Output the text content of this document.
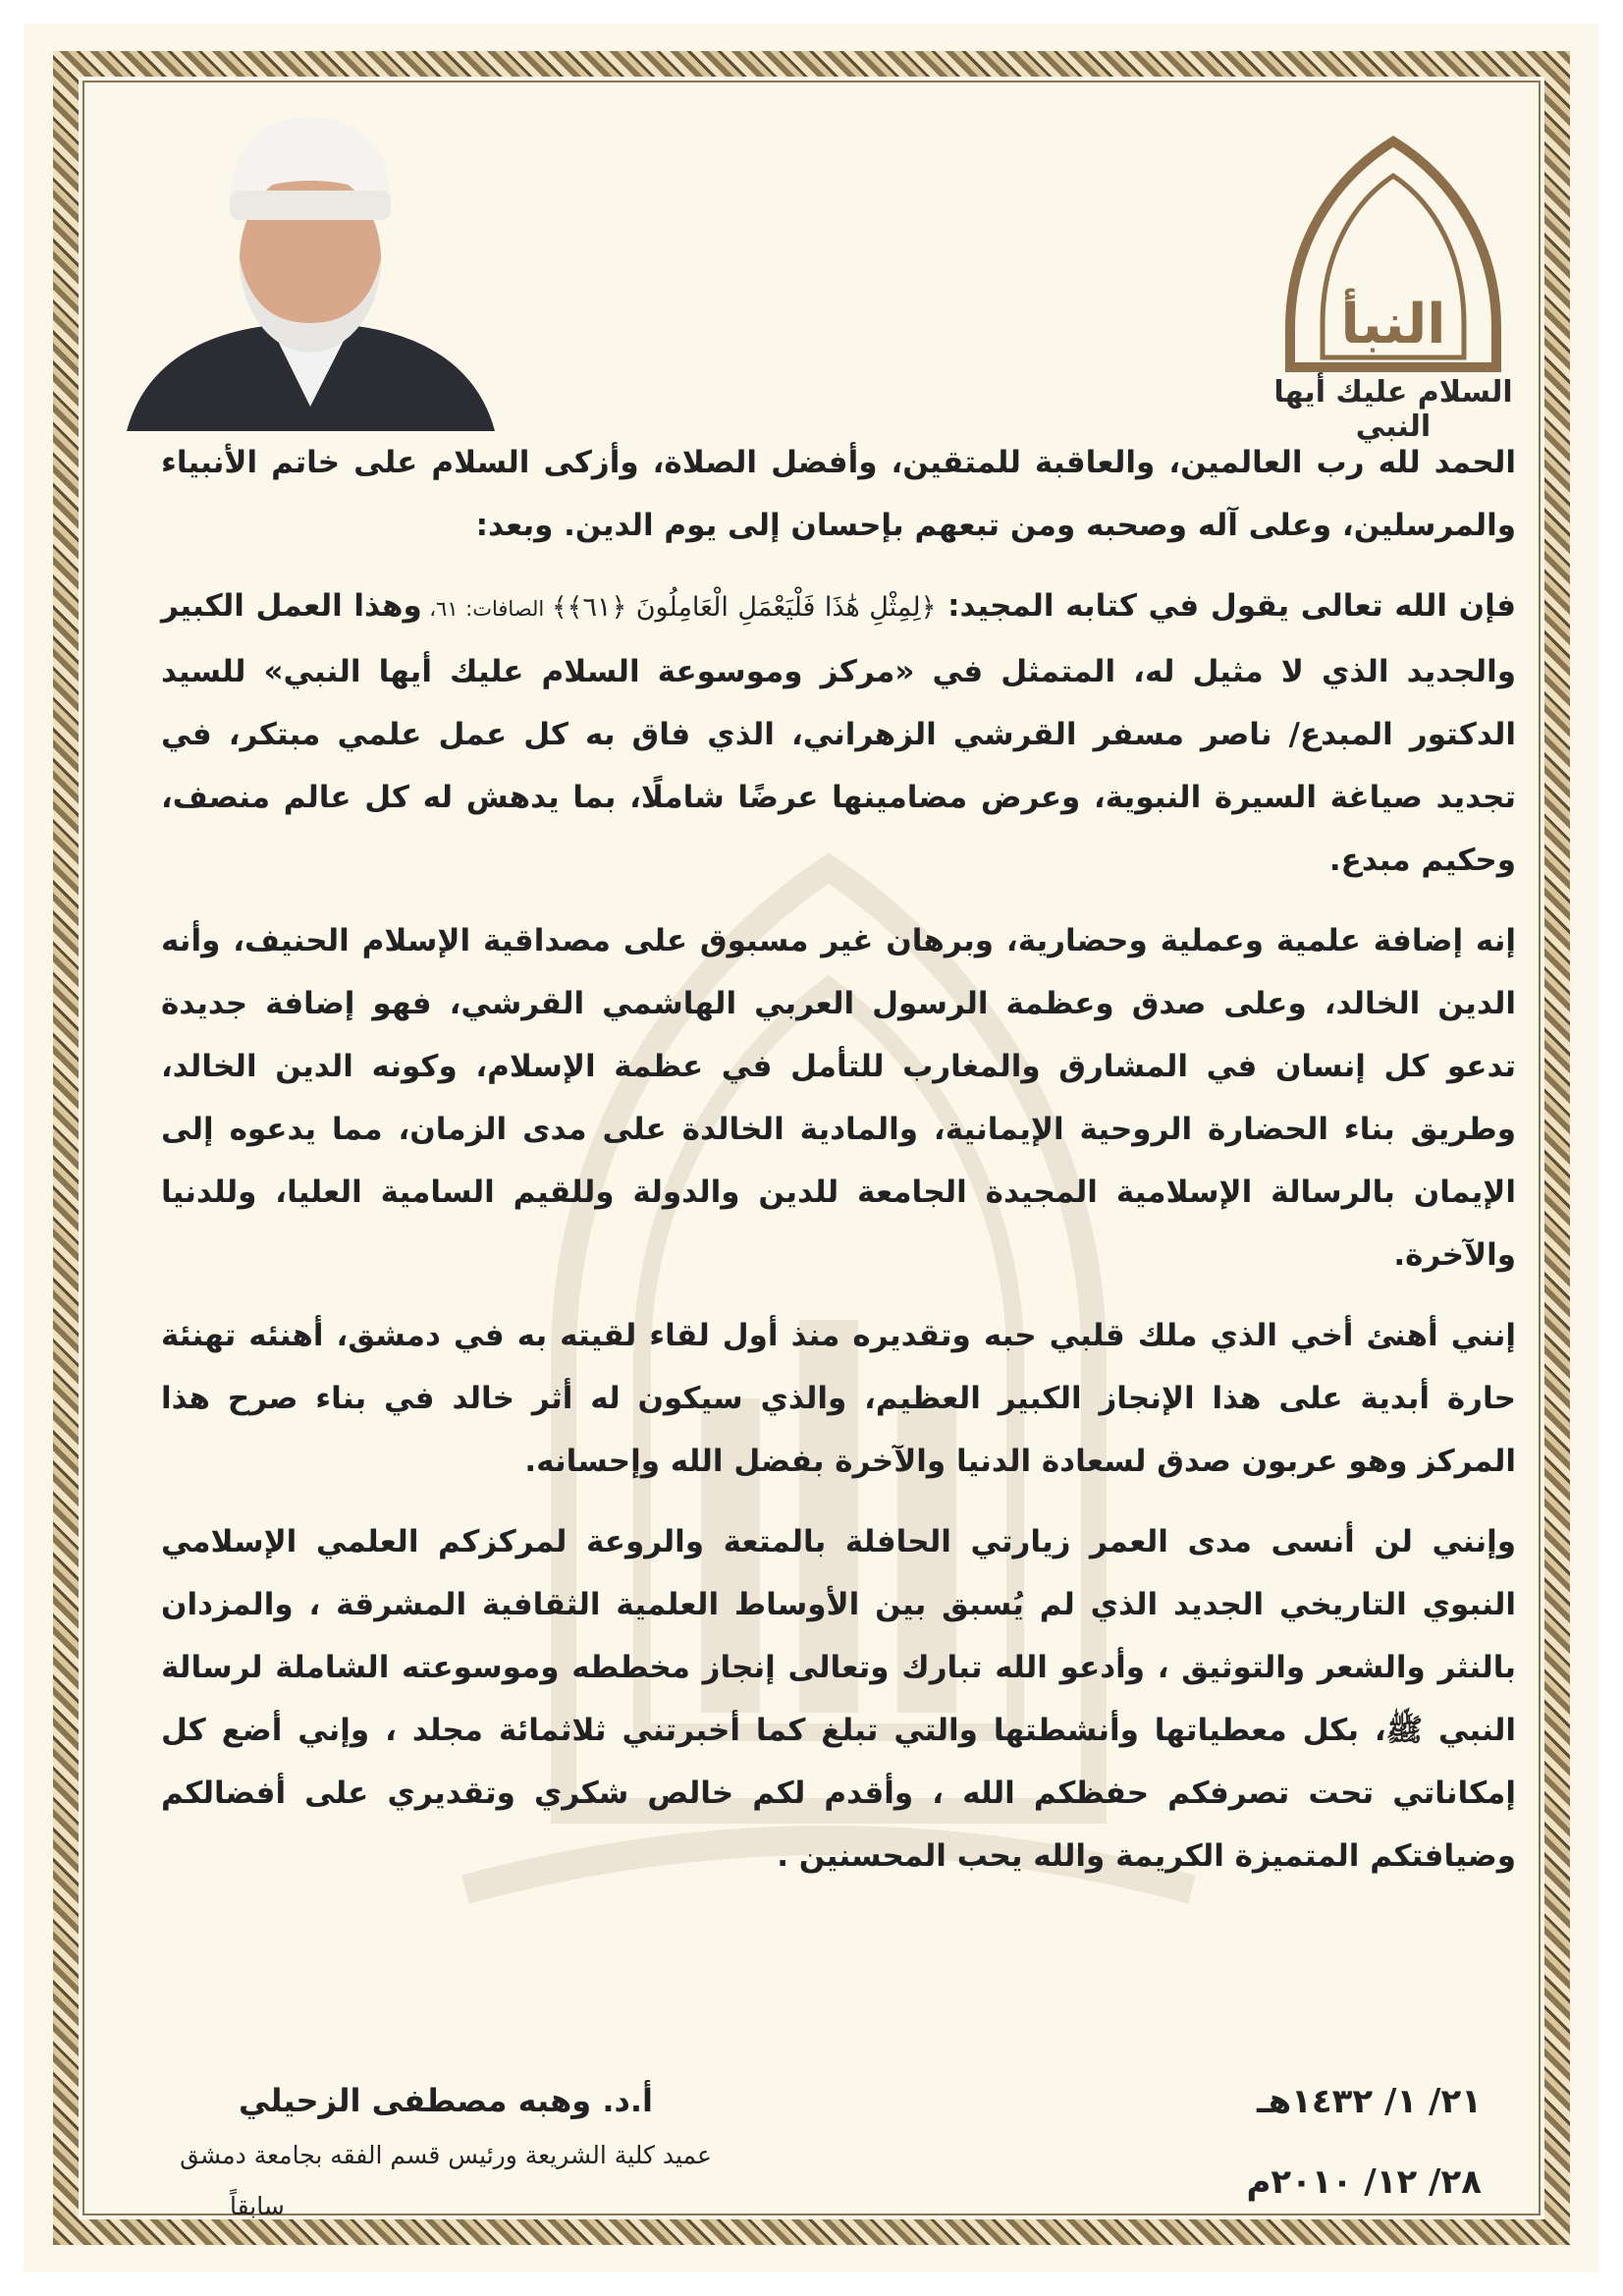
النبأ
السلام عليك أيها النبي

الحمد لله رب العالمين، والعاقبة للمتقين، وأفضل الصلاة، وأزكى السلام على خاتم الأنبياء والمرسلين، وعلى آله وصحبه ومن تبعهم بإحسان إلى يوم الدين. وبعد:

فإن الله تعالى يقول في كتابه المجيد: ﴿لِمِثْلِ هَٰذَا فَلْيَعْمَلِ الْعَامِلُونَ ﴿٦١﴾﴾ الصافات: ٦١، وهذا العمل الكبير والجديد الذي لا مثيل له، المتمثل في «مركز وموسوعة السلام عليك أيها النبي» للسيد الدكتور المبدع/ ناصر مسفر القرشي الزهراني، الذي فاق به كل عمل علمي مبتكر، في تجديد صياغة السيرة النبوية، وعرض مضامينها عرضًا شاملًا، بما يدهش له كل عالم منصف، وحكيم مبدع.

إنه إضافة علمية وعملية وحضارية، وبرهان غير مسبوق على مصداقية الإسلام الحنيف، وأنه الدين الخالد، وعلى صدق وعظمة الرسول العربي الهاشمي القرشي، فهو إضافة جديدة تدعو كل إنسان في المشارق والمغارب للتأمل في عظمة الإسلام، وكونه الدين الخالد، وطريق بناء الحضارة الروحية الإيمانية، والمادية الخالدة على مدى الزمان، مما يدعوه إلى الإيمان بالرسالة الإسلامية المجيدة الجامعة للدين والدولة وللقيم السامية العليا، وللدنيا والآخرة.

إنني أهنئ أخي الذي ملك قلبي حبه وتقديره منذ أول لقاء لقيته به في دمشق، أهنئه تهنئة حارة أبدية على هذا الإنجاز الكبير العظيم، والذي سيكون له أثر خالد في بناء صرح هذا المركز وهو عربون صدق لسعادة الدنيا والآخرة بفضل الله وإحسانه.

وإنني لن أنسى مدى العمر زيارتي الحافلة بالمتعة والروعة لمركزكم العلمي الإسلامي النبوي التاريخي الجديد الذي لم يُسبق بين الأوساط العلمية الثقافية المشرقة ، والمزدان بالنثر والشعر والتوثيق ، وأدعو الله تبارك وتعالى إنجاز مخططه وموسوعته الشاملة لرسالة النبي ﷺ، بكل معطياتها وأنشطتها والتي تبلغ كما أخبرتني ثلاثمائة مجلد ، وإني أضع كل إمكاناتي تحت تصرفكم حفظكم الله ، وأقدم لكم خالص شكري وتقديري على أفضالكم وضيافتكم المتميزة الكريمة والله يحب المحسنين .

أ.د. وهبه مصطفى الزحيلي
عميد كلية الشريعة ورئيس قسم الفقه بجامعة دمشق
سابقاً
٢١/ ١/ ١٤٣٢هـ
٢٨/ ١٢/ ٢٠١٠م
